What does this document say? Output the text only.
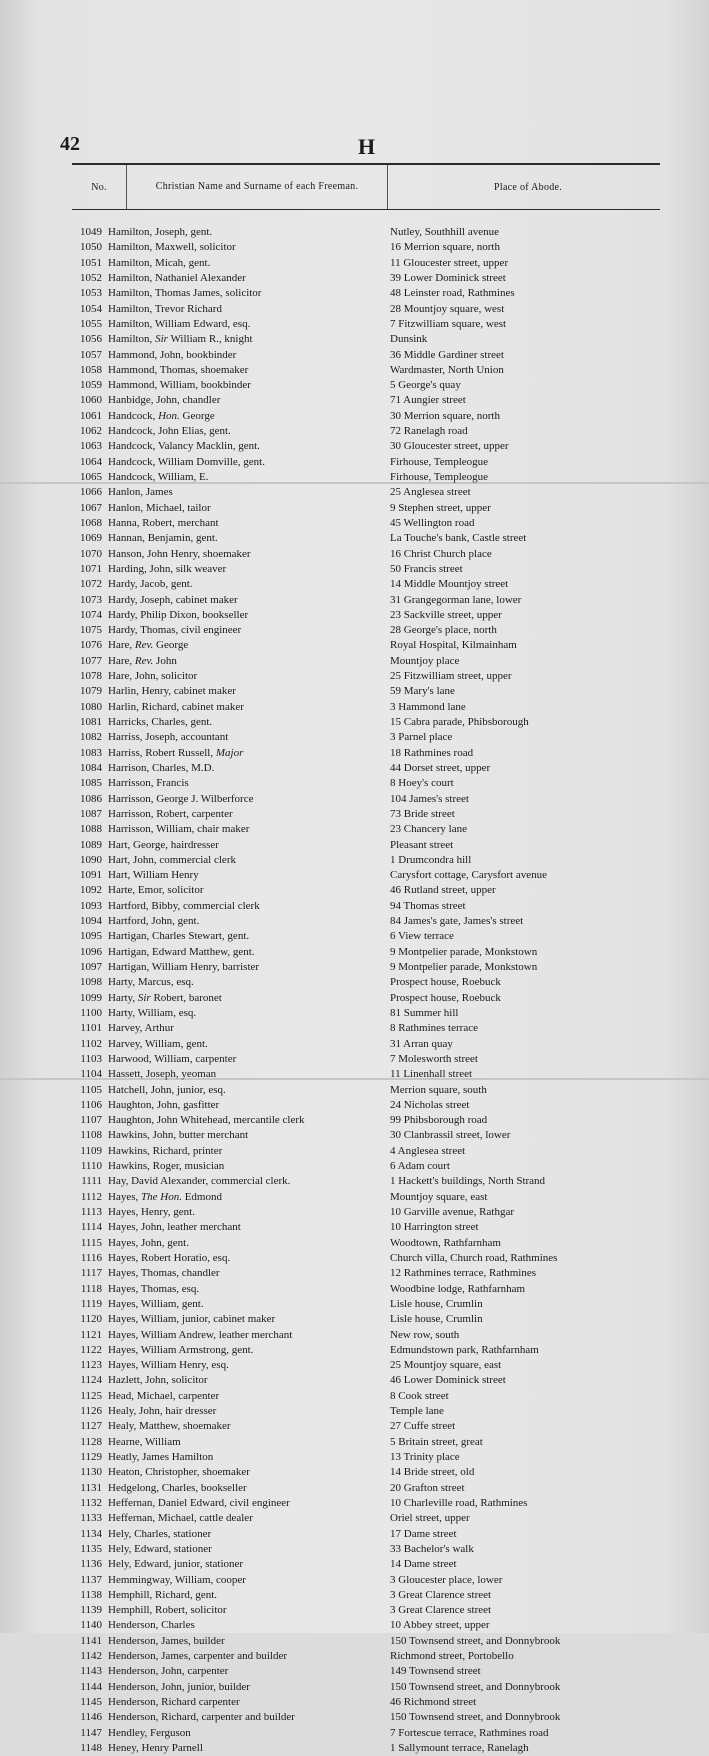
42	H
No.	Christian Name and Surname of each Freeman.	Place of Abode.
1049 Hamilton, Joseph, gent.	Nutley, Southhill avenue
1050 Hamilton, Maxwell, solicitor	16 Merrion square, north
1051 Hamilton, Micah, gent.	11 Gloucester street, upper
1052 Hamilton, Nathaniel Alexander	39 Lower Dominick street
1053 Hamilton, Thomas James, solicitor	48 Leinster road, Rathmines
1054 Hamilton, Trevor Richard	28 Mountjoy square, west
1055 Hamilton, William Edward, esq.	7 Fitzwilliam square, west
1056 Hamilton, Sir William R., knight	Dunsink
1057 Hammond, John, bookbinder	36 Middle Gardiner street
1058 Hammond, Thomas, shoemaker	Wardmaster, North Union
1059 Hammond, William, bookbinder	5 George's quay
1060 Hanbidge, John, chandler	71 Aungier street
1061 Handcock, Hon. George	30 Merrion square, north
1062 Handcock, John Elias, gent.	72 Ranelagh road
1063 Handcock, Valancy Macklin, gent.	30 Gloucester street, upper
1064 Handcock, William Domville, gent.	Firhouse, Templeogue
1065 Handcock, William, E.	Firhouse, Templeogue
1066 Hanlon, James	25 Anglesea street
1067 Hanlon, Michael, tailor	9 Stephen street, upper
1068 Hanna, Robert, merchant	45 Wellington road
1069 Hannan, Benjamin, gent.	La Touche's bank, Castle street
1070 Hanson, John Henry, shoemaker	16 Christ Church place
1071 Harding, John, silk weaver	50 Francis street
1072 Hardy, Jacob, gent.	14 Middle Mountjoy street
1073 Hardy, Joseph, cabinet maker	31 Grangegorman lane, lower
1074 Hardy, Philip Dixon, bookseller	23 Sackville street, upper
1075 Hardy, Thomas, civil engineer	28 George's place, north
1076 Hare, Rev. George	Royal Hospital, Kilmainham
1077 Hare, Rev. John	Mountjoy place
1078 Hare, John, solicitor	25 Fitzwilliam street, upper
1079 Harlin, Henry, cabinet maker	59 Mary's lane
1080 Harlin, Richard, cabinet maker	3 Hammond lane
1081 Harricks, Charles, gent.	15 Cabra parade, Phibsborough
1082 Harriss, Joseph, accountant	3 Parnel place
1083 Harriss, Robert Russell, Major	18 Rathmines road
1084 Harrison, Charles, M.D.	44 Dorset street, upper
1085 Harrisson, Francis	8 Hoey's court
1086 Harrisson, George J. Wilberforce	104 James's street
1087 Harrisson, Robert, carpenter	73 Bride street
1088 Harrisson, William, chair maker	23 Chancery lane
1089 Hart, George, hairdresser	Pleasant street
1090 Hart, John, commercial clerk	1 Drumcondra hill
1091 Hart, William Henry	Carysfort cottage, Carysfort avenue
1092 Harte, Emor, solicitor	46 Rutland street, upper
1093 Hartford, Bibby, commercial clerk	94 Thomas street
1094 Hartford, John, gent.	84 James's gate, James's street
1095 Hartigan, Charles Stewart, gent.	6 View terrace
1096 Hartigan, Edward Matthew, gent.	9 Montpelier parade, Monkstown
1097 Hartigan, William Henry, barrister	9 Montpelier parade, Monkstown
1098 Harty, Marcus, esq.	Prospect house, Roebuck
1099 Harty, Sir Robert, baronet	Prospect house, Roebuck
1100 Harty, William, esq.	81 Summer hill
1101 Harvey, Arthur	8 Rathmines terrace
1102 Harvey, William, gent.	31 Arran quay
1103 Harwood, William, carpenter	7 Molesworth street
1104 Hassett, Joseph, yeoman	11 Linenhall street
1105 Hatchell, John, junior, esq.	Merrion square, south
1106 Haughton, John, gasfitter	24 Nicholas street
1107 Haughton, John Whitehead, mercantile clerk	99 Phibsborough road
1108 Hawkins, John, butter merchant	30 Clanbrassil street, lower
1109 Hawkins, Richard, printer	4 Anglesea street
1110 Hawkins, Roger, musician	6 Adam court
1111 Hay, David Alexander, commercial clerk.	1 Hackett's buildings, North Strand
1112 Hayes, The Hon. Edmond	Mountjoy square, east
1113 Hayes, Henry, gent.	10 Garville avenue, Rathgar
1114 Hayes, John, leather merchant	10 Harrington street
1115 Hayes, John, gent.	Woodtown, Rathfarnham
1116 Hayes, Robert Horatio, esq.	Church villa, Church road, Rathmines
1117 Hayes, Thomas, chandler	12 Rathmines terrace, Rathmines
1118 Hayes, Thomas, esq.	Woodbine lodge, Rathfarnham
1119 Hayes, William, gent.	Lisle house, Crumlin
1120 Hayes, William, junior, cabinet maker	Lisle house, Crumlin
1121 Hayes, William Andrew, leather merchant	New row, south
1122 Hayes, William Armstrong, gent.	Edmundstown park, Rathfarnham
1123 Hayes, William Henry, esq.	25 Mountjoy square, east
1124 Hazlett, John, solicitor	46 Lower Dominick street
1125 Head, Michael, carpenter	8 Cook street
1126 Healy, John, hair dresser	Temple lane
1127 Healy, Matthew, shoemaker	27 Cuffe street
1128 Hearne, William	5 Britain street, great
1129 Heatly, James Hamilton	13 Trinity place
1130 Heaton, Christopher, shoemaker	14 Bride street, old
1131 Hedgelong, Charles, bookseller	20 Grafton street
1132 Heffernan, Daniel Edward, civil engineer	10 Charleville road, Rathmines
1133 Heffernan, Michael, cattle dealer	Oriel street, upper
1134 Hely, Charles, stationer	17 Dame street
1135 Hely, Edward, stationer	33 Bachelor's walk
1136 Hely, Edward, junior, stationer	14 Dame street
1137 Hemmingway, William, cooper	3 Gloucester place, lower
1138 Hemphill, Richard, gent.	3 Great Clarence street
1139 Hemphill, Robert, solicitor	3 Great Clarence street
1140 Henderson, Charles	10 Abbey street, upper
1141 Henderson, James, builder	150 Townsend street, and Donnybrook
1142 Henderson, James, carpenter and builder	Richmond street, Portobello
1143 Henderson, John, carpenter	149 Townsend street
1144 Henderson, John, junior, builder	150 Townsend street, and Donnybrook
1145 Henderson, Richard carpenter	46 Richmond street
1146 Henderson, Richard, carpenter and builder	150 Townsend street, and Donnybrook
1147 Hendley, Ferguson	7 Fortescue terrace, Rathmines road
1148 Heney, Henry Parnell	1 Sallymount terrace, Ranelagh
